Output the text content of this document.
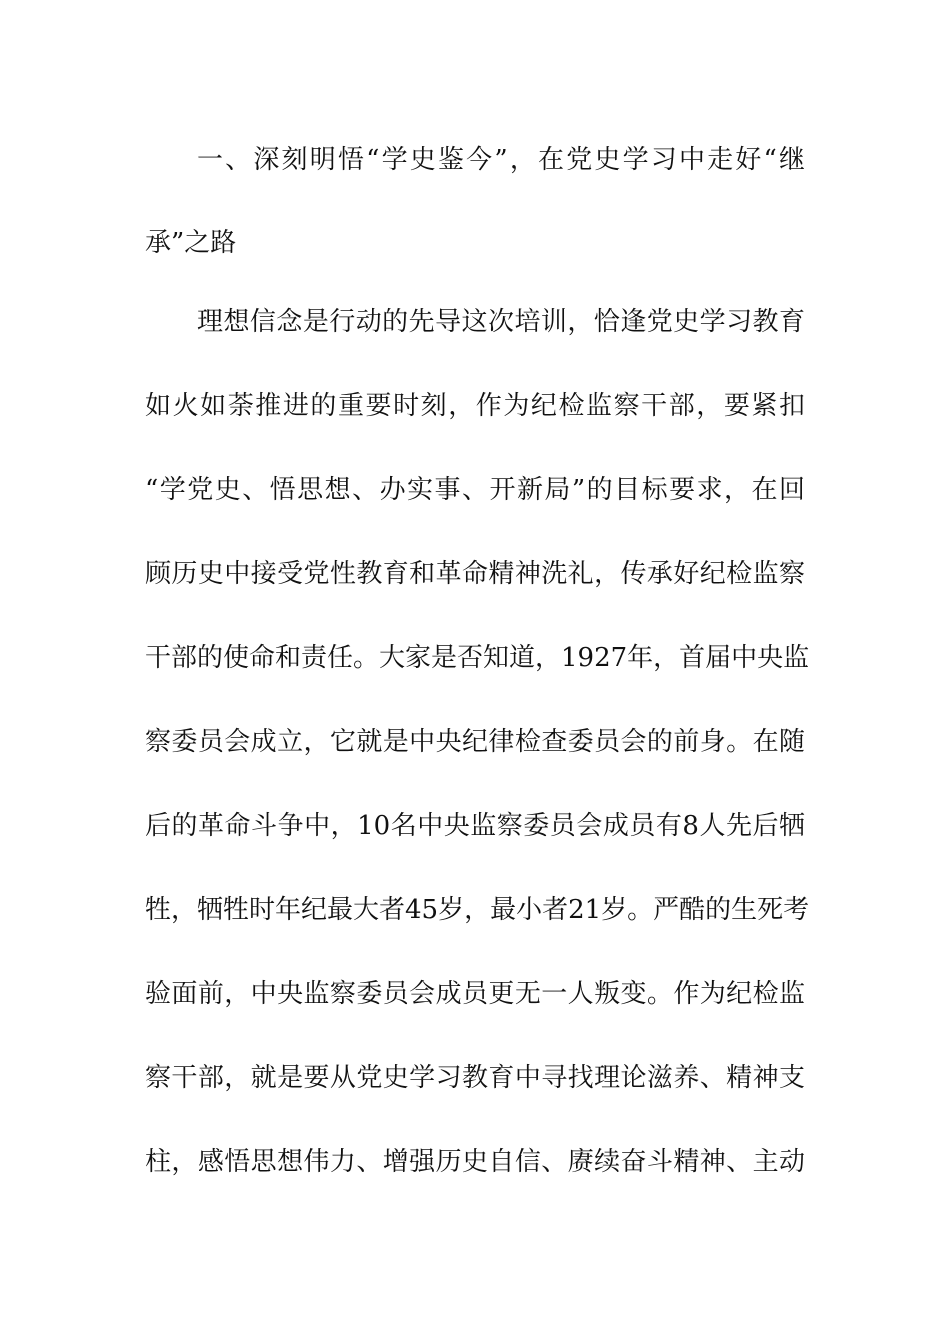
一、深刻明悟“学史鉴今”，在党史学习中走好“继
承”之路
理想信念是行动的先导这次培训，恰逢党史学习教育
如火如荼推进的重要时刻，作为纪检监察干部，要紧扣
“学党史、悟思想、办实事、开新局”的目标要求，在回
顾历史中接受党性教育和革命精神洗礼，传承好纪检监察
干部的使命和责任。大家是否知道，1927年，首届中央监
察委员会成立，它就是中央纪律检查委员会的前身。在随
后的革命斗争中，10名中央监察委员会成员有8人先后牺
牲，牺牲时年纪最大者45岁，最小者21岁。严酷的生死考
验面前，中央监察委员会成员更无一人叛变。作为纪检监
察干部，就是要从党史学习教育中寻找理论滋养、精神支
柱，感悟思想伟力、增强历史自信、赓续奋斗精神、主动
